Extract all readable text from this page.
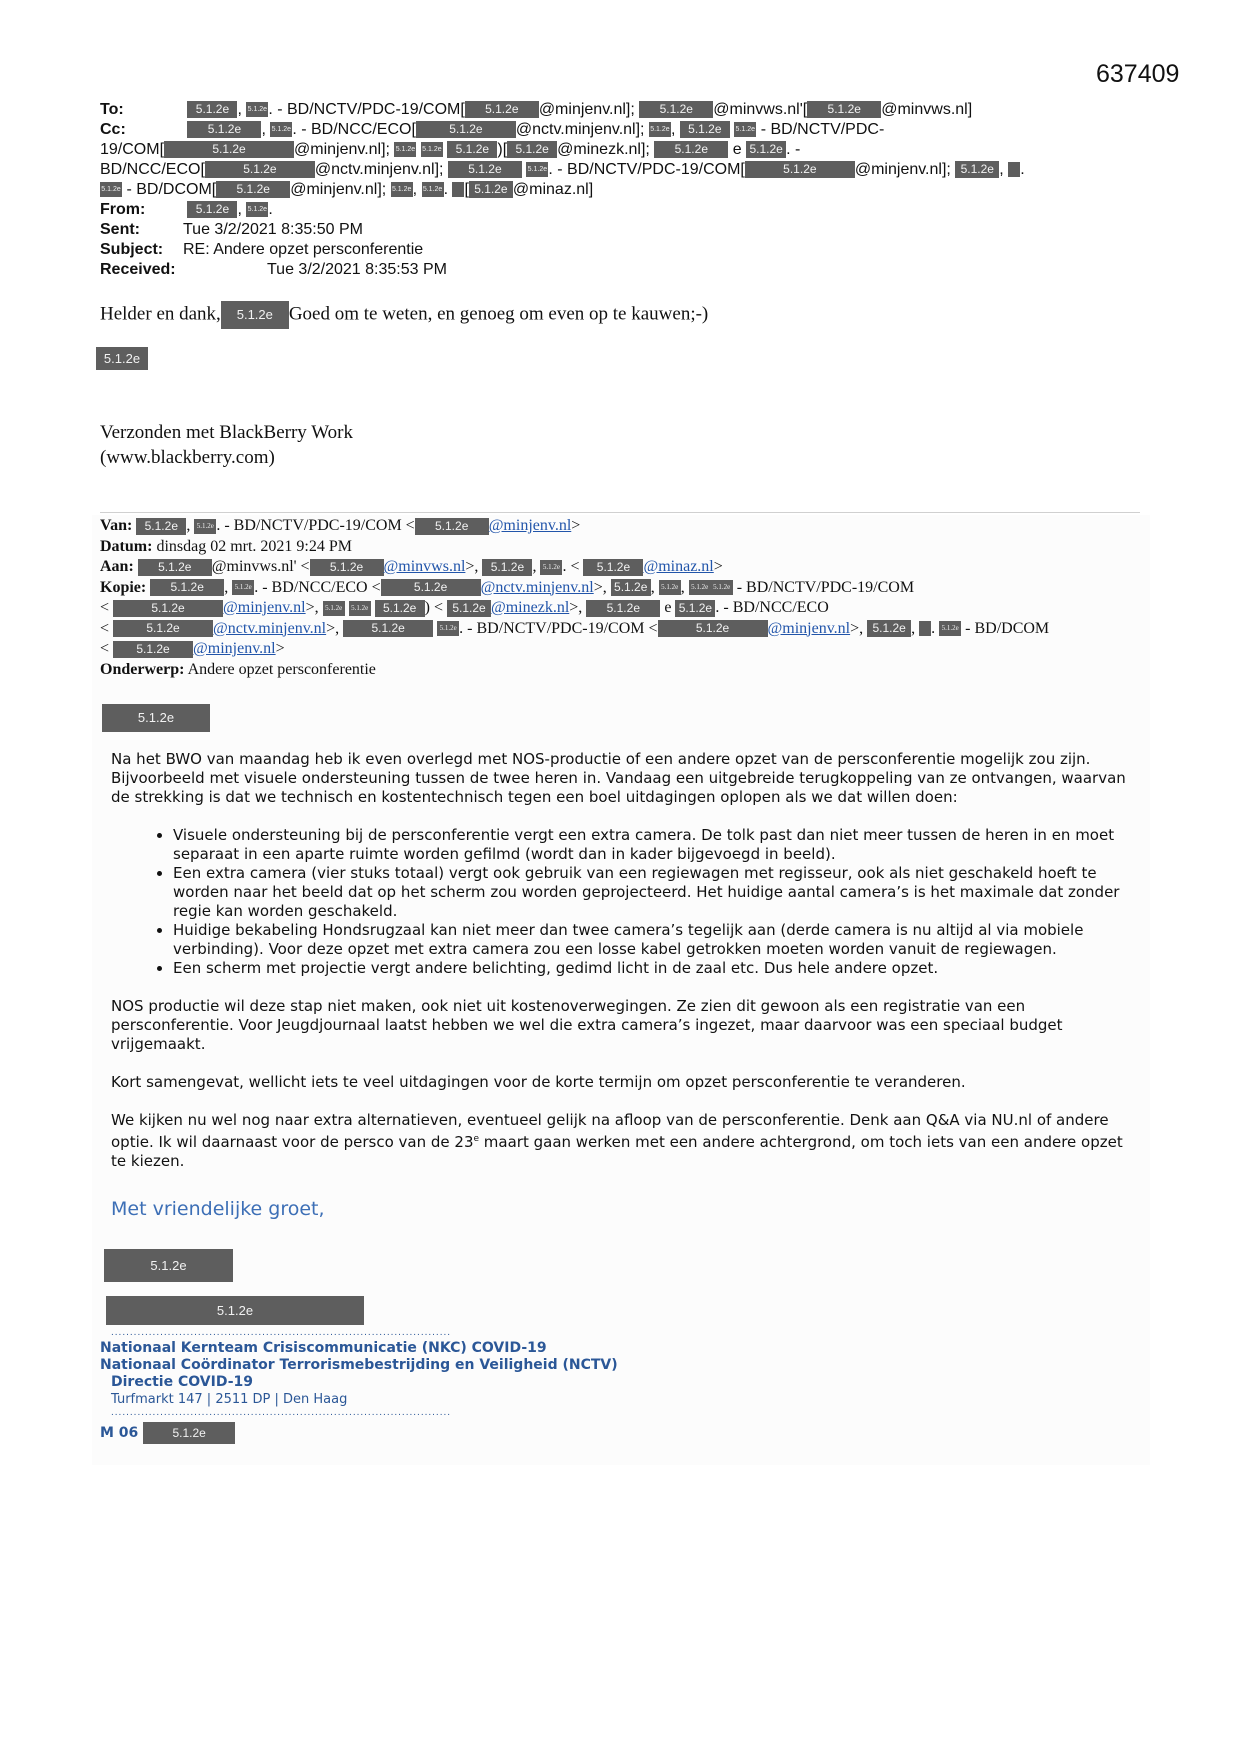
637409
To:	5.1.2e , 5.1.2e. - BD/NCTV/PDC-19/COM[ 5.1.2e @minjenv.nl]; 5.1.2e @minvws.nl'[ 5.1.2e @minvws.nl]
Cc:	5.1.2e , 5.1.2e. - BD/NCC/ECO[	5.1.2e @nctv.minjenv.nl]; 5.1.2e, 5.1.2e 5.1.2e - BD/NCTV/PDC-
19/COM[	5.1.2e	@minjenv.nl]; 5.1.2e 5.1.2e 5.1.2e )[ 5.1.2e @minezk.nl]; 5.1.2e e 5.1.2e . -
BD/NCC/ECO[	5.1.2e @nctv.minjenv.nl]; 5.1.2e	5.1.2e. - BD/NCTV/PDC-19/COM[	5.1.2e @minjenv.nl]; 5.1.2e , .
5.1.2e - BD/DCOM[ 5.1.2e @minjenv.nl]; 5.1.2e, 5.1.2e. [ 5.1.2e @minaz.nl]
From:	5.1.2e , 5.1.2e.
Sent:	Tue 3/2/2021 8:35:50 PM
Subject: RE: Andere opzet persconferentie
Received:	Tue 3/2/2021 8:35:53 PM
Helder en dank, 5.1.2e Goed om te weten, en genoeg om even op te kauwen;-)
5.1.2e
Verzonden met BlackBerry Work
(www.blackberry.com)
Van: 5.1.2e , 5.1.2e . - BD/NCTV/PDC-19/COM < 5.1.2e @minjenv.nl>
Datum: dinsdag 02 mrt. 2021 9:24 PM
Aan: 5.1.2e @minvws.nl' < 5.1.2e @minvws.nl>, 5.1.2e , 5.1.2e . < 5.1.2e @minaz.nl>
Kopie: 5.1.2e , 5.1.2e . - BD/NCC/ECO <	5.1.2e @nctv.minjenv.nl>, 5.1.2e , 5.1.2e , 5.1.2e 5.1.2e - BD/NCTV/PDC-19/COM
<	5.1.2e @minjenv.nl>, 5.1.2e 5.1.2e 5.1.2e ) < 5.1.2e @minezk.nl>, 5.1.2e e 5.1.2e . - BD/NCC/ECO
<	5.1.2e @nctv.minjenv.nl>, 5.1.2e	5.1.2e . - BD/NCTV/PDC-19/COM <	5.1.2e @minjenv.nl>, 5.1.2e , . 5.1.2e - BD/DCOM
< 5.1.2e @minjenv.nl>
Onderwerp: Andere opzet persconferentie
5.1.2e

Na het BWO van maandag heb ik even overlegd met NOS-productie of een andere opzet van de persconferentie mogelijk zou zijn. Bijvoorbeeld met visuele ondersteuning tussen de twee heren in. Vandaag een uitgebreide terugkoppeling van ze ontvangen, waarvan de strekking is dat we technisch en kostentechnisch tegen een boel uitdagingen oplopen als we dat willen doen:

• Visuele ondersteuning bij de persconferentie vergt een extra camera. De tolk past dan niet meer tussen de heren in en moet separaat in een aparte ruimte worden gefilmd (wordt dan in kader bijgevoegd in beeld).
• Een extra camera (vier stuks totaal) vergt ook gebruik van een regiewagen met regisseur, ook als niet geschakeld hoeft te worden naar het beeld dat op het scherm zou worden geprojecteerd. Het huidige aantal camera’s is het maximale dat zonder regie kan worden geschakeld.
• Huidige bekabeling Hondsrugzaal kan niet meer dan twee camera’s tegelijk aan (derde camera is nu altijd al via mobiele verbinding). Voor deze opzet met extra camera zou een losse kabel getrokken moeten worden vanuit de regiewagen.
• Een scherm met projectie vergt andere belichting, gedimd licht in de zaal etc. Dus hele andere opzet.

NOS productie wil deze stap niet maken, ook niet uit kostenoverwegingen. Ze zien dit gewoon als een registratie van een persconferentie. Voor Jeugdjournaal laatst hebben we wel die extra camera’s ingezet, maar daarvoor was een speciaal budget vrijgemaakt.

Kort samengevat, wellicht iets te veel uitdagingen voor de korte termijn om opzet persconferentie te veranderen.

We kijken nu wel nog naar extra alternatieven, eventueel gelijk na afloop van de persconferentie. Denk aan Q&A via NU.nl of andere optie. Ik wil daarnaast voor de persco van de 23e maart gaan werken met een andere achtergrond, om toch iets van een andere opzet te kiezen.

Met vriendelijke groet,
5.1.2e
5.1.2e
..........................................................................................
Nationaal Kernteam Crisiscommunicatie (NKC) COVID-19
Nationaal Coördinator Terrorismebestrijding en Veiligheid (NCTV)
Directie COVID-19
Turfmarkt 147 | 2511 DP | Den Haag
..........................................................................................
M 06	5.1.2e
